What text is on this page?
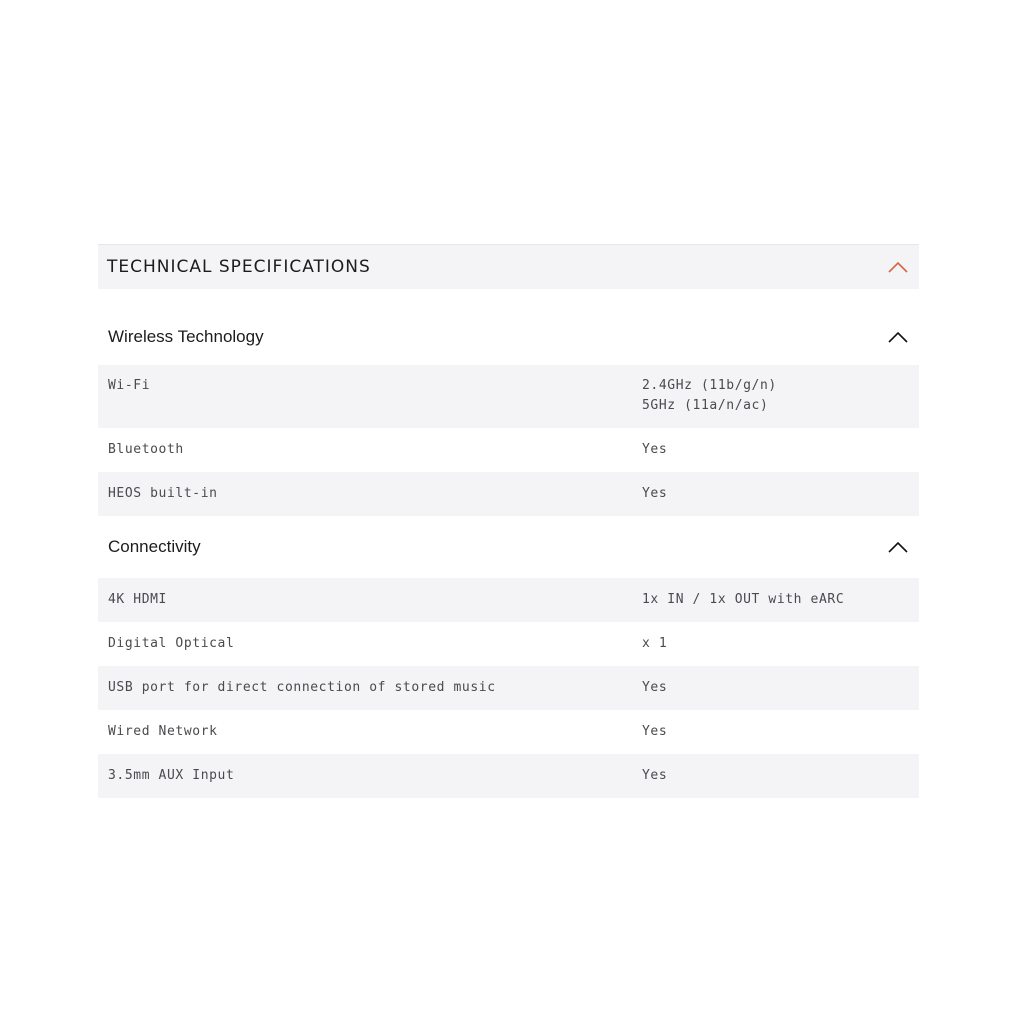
TECHNICAL SPECIFICATIONS
Wireless Technology
Wi-Fi	2.4GHz (11b/g/n)
5GHz (11a/n/ac)
Bluetooth	Yes
HEOS built-in	Yes
Connectivity
4K HDMI	1x IN / 1x OUT with eARC
Digital Optical	x 1
USB port for direct connection of stored music	Yes
Wired Network	Yes
3.5mm AUX Input	Yes
